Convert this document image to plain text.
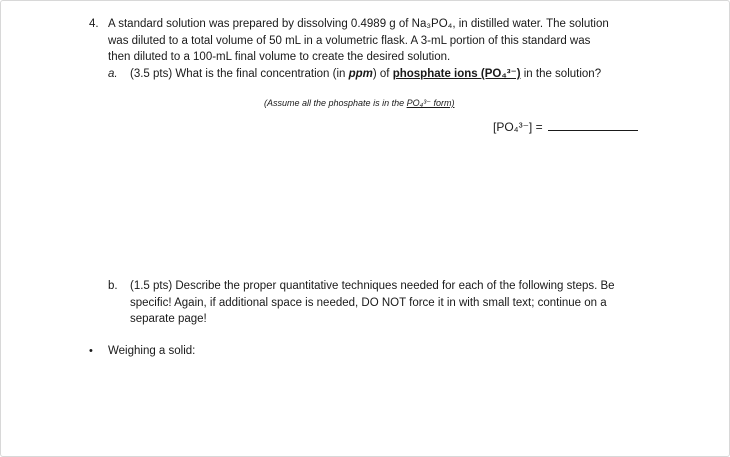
4. A standard solution was prepared by dissolving 0.4989 g of Na₃PO₄, in distilled water. The solution
was diluted to a total volume of 50 mL in a volumetric flask. A 3-mL portion of this standard was
then diluted to a 100-mL final volume to create the desired solution.
a. (3.5 pts) What is the final concentration (in ppm) of phosphate ions (PO₄³⁻) in the solution?
(Assume all the phosphate is in the PO₄³⁻ form)
[PO₄³⁻] =
b. (1.5 pts) Describe the proper quantitative techniques needed for each of the following steps. Be
specific! Again, if additional space is needed, DO NOT force it in with small text; continue on a
separate page!
• Weighing a solid:
